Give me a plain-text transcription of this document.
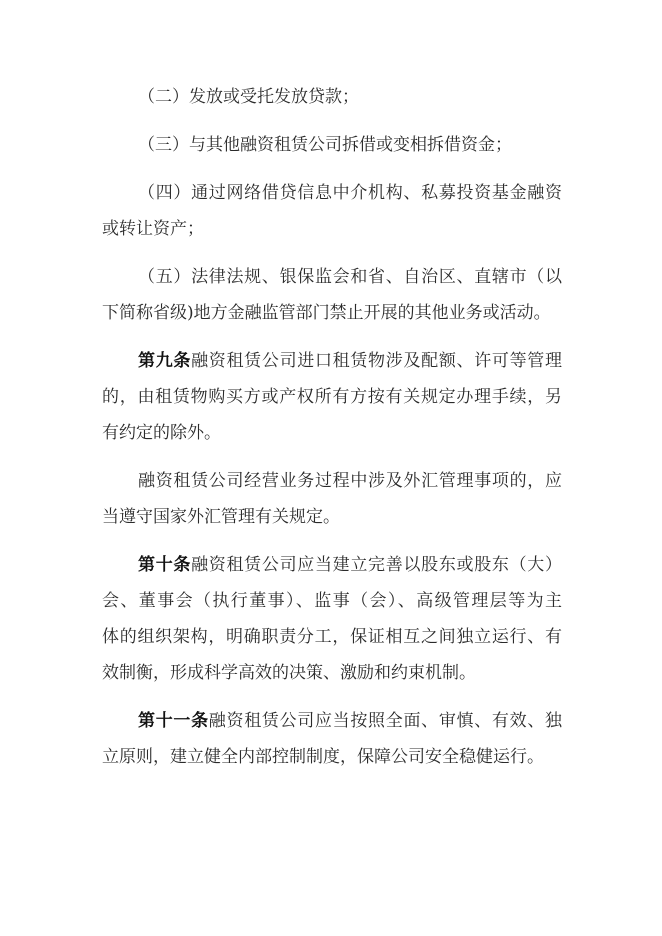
（二）发放或受托发放贷款；
（三）与其他融资租赁公司拆借或变相拆借资金；
（四）通过网络借贷信息中介机构、私募投资基金融资
或转让资产；
（五）法律法规、银保监会和省、自治区、直辖市（以
下简称省级)地方金融监管部门禁止开展的其他业务或活动。
第九条融资租赁公司进口租赁物涉及配额、许可等管理
的，由租赁物购买方或产权所有方按有关规定办理手续，另
有约定的除外。
融资租赁公司经营业务过程中涉及外汇管理事项的，应
当遵守国家外汇管理有关规定。
第十条融资租赁公司应当建立完善以股东或股东（大）
会、董事会（执行董事）、监事（会）、高级管理层等为主
体的组织架构，明确职责分工，保证相互之间独立运行、有
效制衡，形成科学高效的决策、激励和约束机制。
第十一条融资租赁公司应当按照全面、审慎、有效、独
立原则，建立健全内部控制制度，保障公司安全稳健运行。
